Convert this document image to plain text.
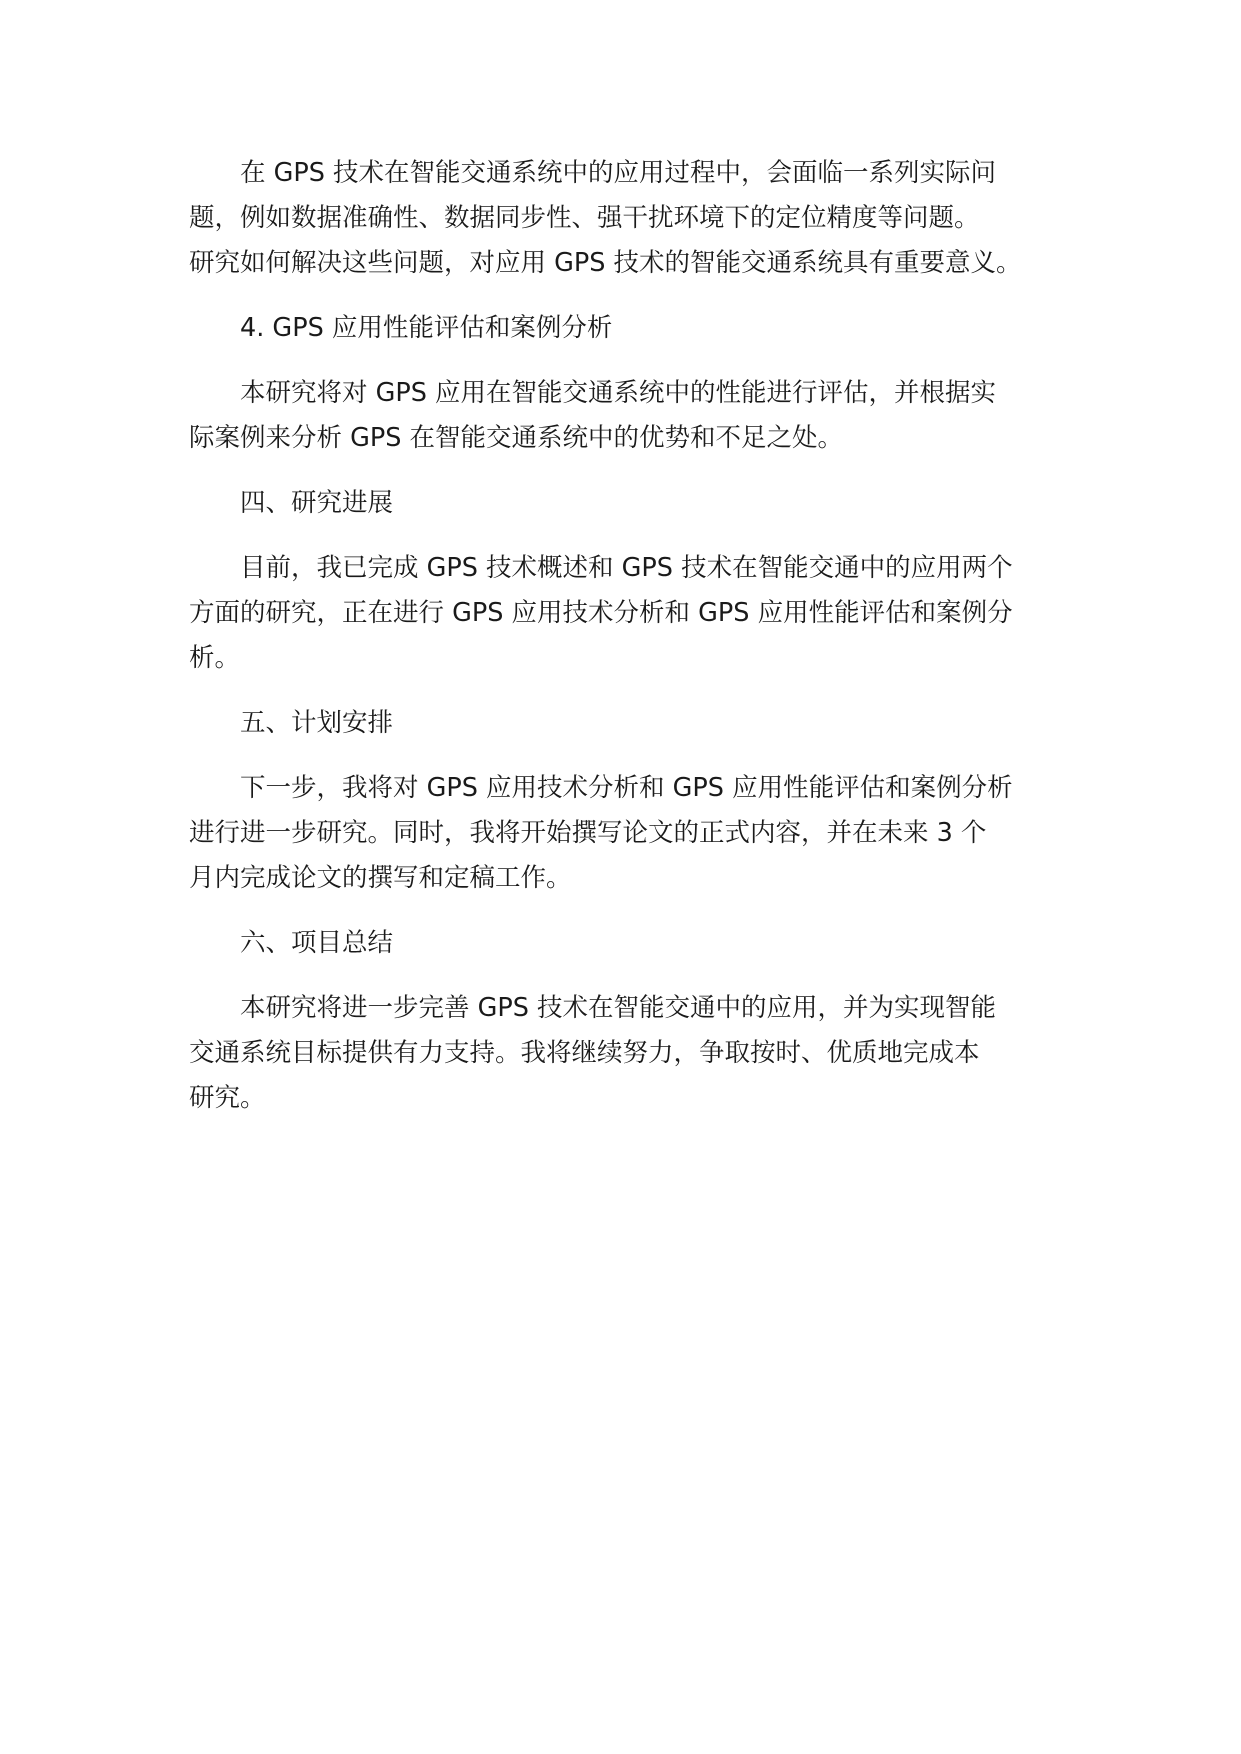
在 GPS 技术在智能交通系统中的应用过程中，会面临一系列实际问
题，例如数据准确性、数据同步性、强干扰环境下的定位精度等问题。
研究如何解决这些问题，对应用 GPS 技术的智能交通系统具有重要意义。
4. GPS 应用性能评估和案例分析
本研究将对 GPS 应用在智能交通系统中的性能进行评估，并根据实
际案例来分析 GPS 在智能交通系统中的优势和不足之处。
四、研究进展
目前，我已完成 GPS 技术概述和 GPS 技术在智能交通中的应用两个
方面的研究，正在进行 GPS 应用技术分析和 GPS 应用性能评估和案例分
析。
五、计划安排
下一步，我将对 GPS 应用技术分析和 GPS 应用性能评估和案例分析
进行进一步研究。同时，我将开始撰写论文的正式内容，并在未来 3 个
月内完成论文的撰写和定稿工作。
六、项目总结
本研究将进一步完善 GPS 技术在智能交通中的应用，并为实现智能
交通系统目标提供有力支持。我将继续努力，争取按时、优质地完成本
研究。
